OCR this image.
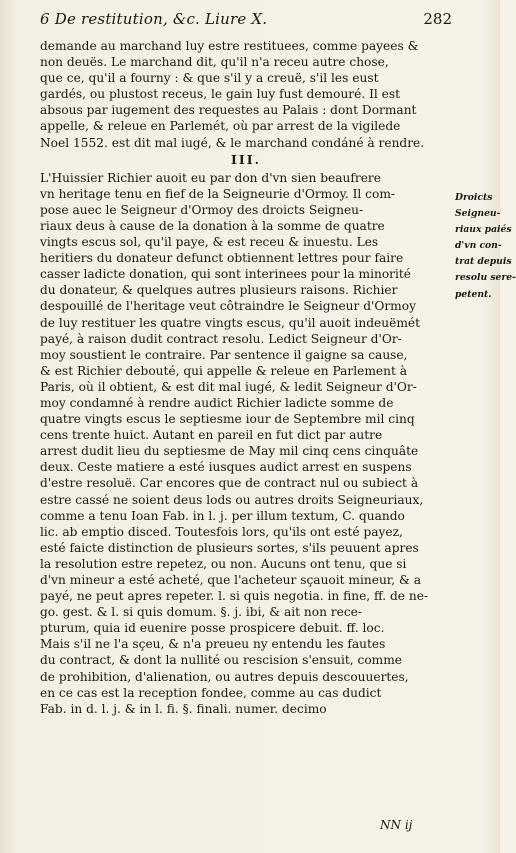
6 De restitution, &c. Liure X.	282

demande au marchand luy estre restituees, comme payees &
non deuës. Le marchand dit, qu'il n'a receu autre chose,
que ce, qu'il a fourny : & que s'il y a creuë, s'il les eust
gardés, ou plustost receus, le gain luy fust demouré. Il est
absous par iugement des requestes au Palais : dont Dormant
appelle, & releue en Parlemét, où par arrest de la vigilede
Noel 1552. est dit mal iugé, & le marchand condáné à rendre.

III.

L'Huissier Richier auoit eu par don d'vn sien beaufrere
vn heritage tenu en fief de la Seigneurie d'Ormoy. Il com-
pose auec le Seigneur d'Ormoy des droicts Seigneu-
riaux deus à cause de la donation à la somme de quatre
vingts escus sol, qu'il paye, & est receu & inuestu. Les
heritiers du donateur defunct obtiennent lettres pour faire
casser ladicte donation, qui sont interinees pour la minorité
du donateur, & quelques autres plusieurs raisons. Richier
despouillé de l'heritage veut côtraindre le Seigneur d'Ormoy
de luy restituer les quatre vingts escus, qu'il auoit indeuëmét
payé, à raison dudit contract resolu. Ledict Seigneur d'Or-
moy soustient le contraire. Par sentence il gaigne sa cause,
& est Richier debouté, qui appelle & releue en Parlement à
Paris, où il obtient, & est dit mal iugé, & ledit Seigneur d'Or-
moy condamné à rendre audict Richier ladicte somme de
quatre vingts escus le septiesme iour de Septembre mil cinq
cens trente huict. Autant en pareil en fut dict par autre
arrest dudit lieu du septiesme de May mil cinq cens cinquâte
deux. Ceste matiere a esté iusques audict arrest en suspens
d'estre resoluë. Car encores que de contract nul ou subiect à
estre cassé ne soient deus lods ou autres droits Seigneuriaux,
comme a tenu Ioan Fab. in l. j. per illum textum, C. quando
lic. ab emptio disced. Toutesfois lors, qu'ils ont esté payez,
esté faicte distinction de plusieurs sortes, s'ils peuuent apres
la resolution estre repetez, ou non. Aucuns ont tenu, que si
d'vn mineur a esté acheté, que l'acheteur sçauoit mineur, & a
payé, ne peut apres repeter. l. si quis negotia. in fine, ff. de ne-
go. gest. & l. si quis domum. §. j. ibi, & ait non rece-
pturum, quia id euenire posse prospicere debuit. ff. loc.
Mais s'il ne l'a sçeu, & n'a preueu ny entendu les fautes
du contract, & dont la nullité ou rescision s'ensuit, comme
de prohibition, d'alienation, ou autres depuis descouuertes,
en ce cas est la reception fondee, comme au cas dudict
Fab. in d. l. j. & in l. fi. §. finali. numer. decimo

Droicts
Seigneu-
riaux paiés
d'vn con-
trat depuis
resolu sere-
petent.
NN ij
